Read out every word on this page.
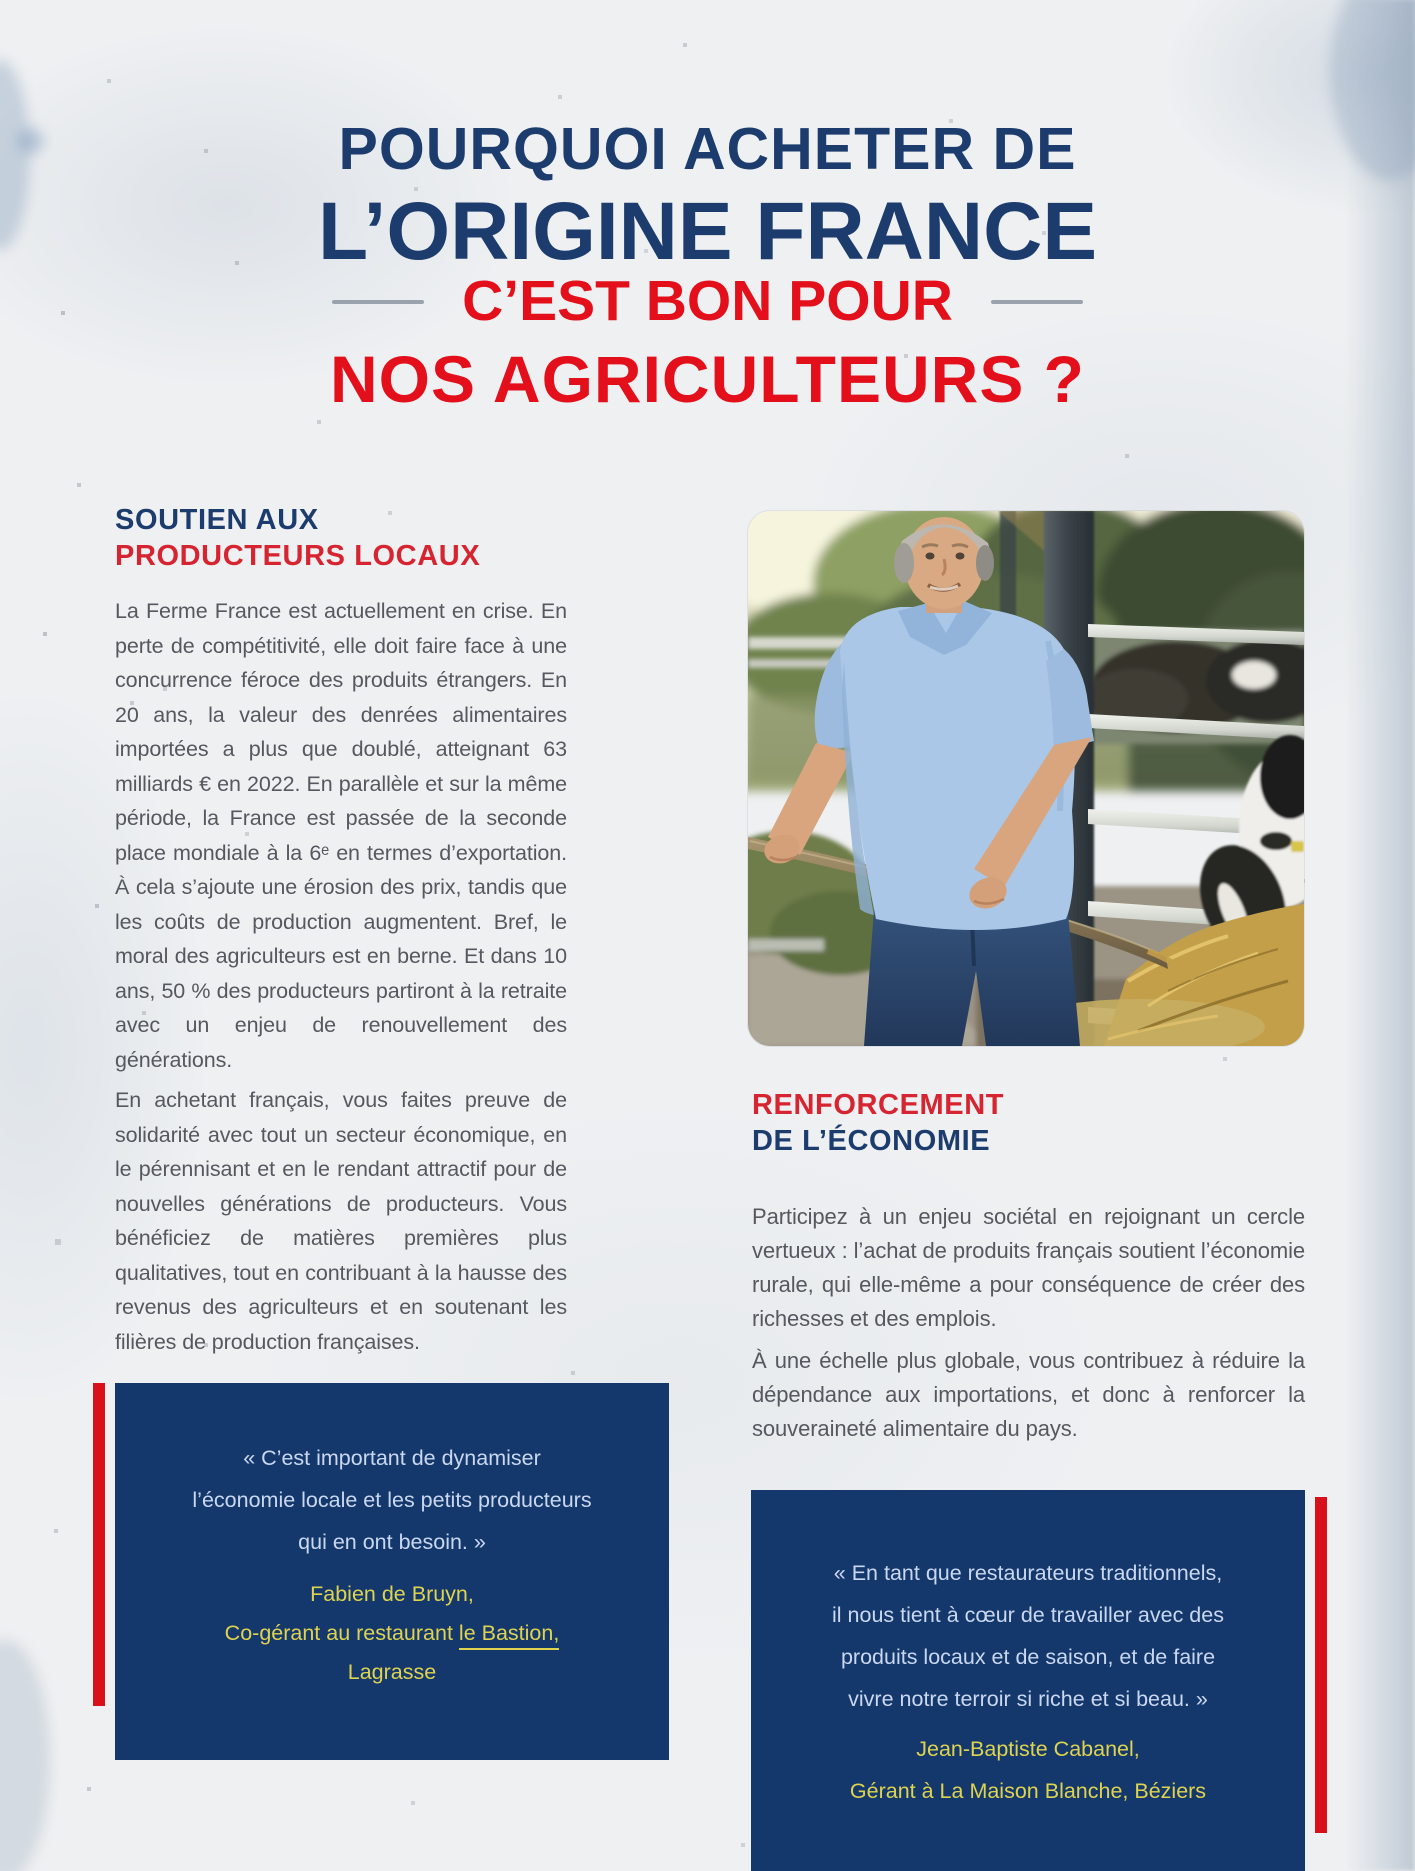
POURQUOI ACHETER DE
L’ORIGINE FRANCE
C’EST BON POUR
NOS AGRICULTEURS ?
SOUTIEN AUX
PRODUCTEURS LOCAUX
La Ferme France est actuellement en crise. En perte de compétitivité, elle doit faire face à une concurrence féroce des produits étrangers. En 20 ans, la valeur des denrées alimentaires importées a plus que doublé, atteignant 63 milliards € en 2022. En parallèle et sur la même période, la France est passée de la seconde place mondiale à la 6ᵉ en termes d’exportation. À cela s’ajoute une érosion des prix, tandis que les coûts de production augmentent. Bref, le moral des agriculteurs est en berne. Et dans 10 ans, 50 % des producteurs partiront à la retraite avec un enjeu de renouvellement des générations.
En achetant français, vous faites preuve de solidarité avec tout un secteur économique, en le pérennisant et en le rendant attractif pour de nouvelles générations de producteurs. Vous bénéficiez de matières premières plus qualitatives, tout en contribuant à la hausse des revenus des agriculteurs et en soutenant les filières de production françaises.
« C’est important de dynamiser
l’économie locale et les petits producteurs
qui en ont besoin. »
Fabien de Bruyn,
Co-gérant au restaurant le Bastion,
Lagrasse
RENFORCEMENT
DE L’ÉCONOMIE
Participez à un enjeu sociétal en rejoignant un cercle vertueux : l’achat de produits français soutient l’économie rurale, qui elle-même a pour conséquence de créer des richesses et des emplois.
À une échelle plus globale, vous contribuez à réduire la dépendance aux importations, et donc à renforcer la souveraineté alimentaire du pays.
« En tant que restaurateurs traditionnels,
il nous tient à cœur de travailler avec des
produits locaux et de saison, et de faire
vivre notre terroir si riche et si beau. »
Jean-Baptiste Cabanel,
Gérant à La Maison Blanche, Béziers
